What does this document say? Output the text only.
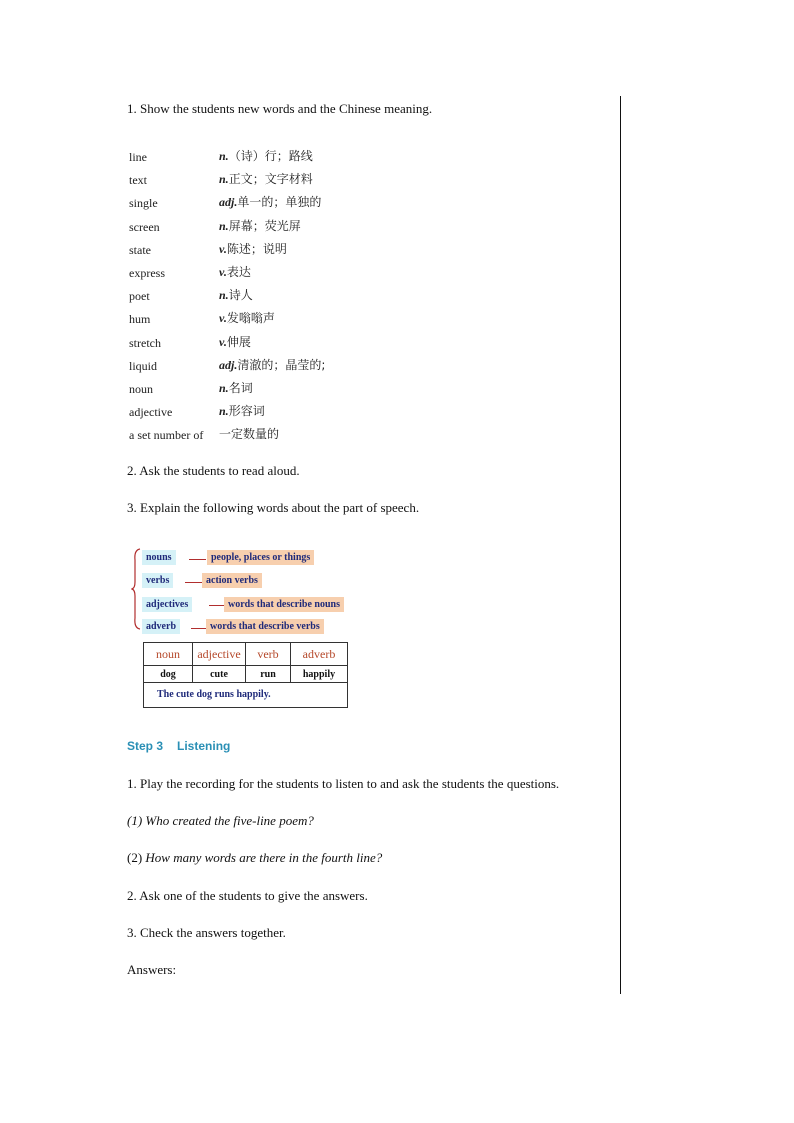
1. Show the students new words and the Chinese meaning.
line	n.（诗）行；路线
text	n.正文；文字材料
single	adj.单一的；单独的
screen	n.屏幕；荧光屏
state	v.陈述；说明
express	v.表达
poet	n.诗人
hum	v.发嗡嗡声
stretch	v.伸展
liquid	adj.清澈的；晶莹的;
noun	n.名词
adjective	n.形容词
a set number of 一定数量的
2. Ask the students to read aloud.
3. Explain the following words about the part of speech.
nouns	people, places or things
verbs	action verbs
adjectives	words that describe nouns
adverb	words that describe verbs
noun	adjective	verb	adverb
dog	cute	run	happily
The cute dog runs happily.
Step 3 Listening
1. Play the recording for the students to listen to and ask the students the questions.
(1) Who created the five-line poem?
(2) How many words are there in the fourth line?
2. Ask one of the students to give the answers.
3. Check the answers together.
Answers:
